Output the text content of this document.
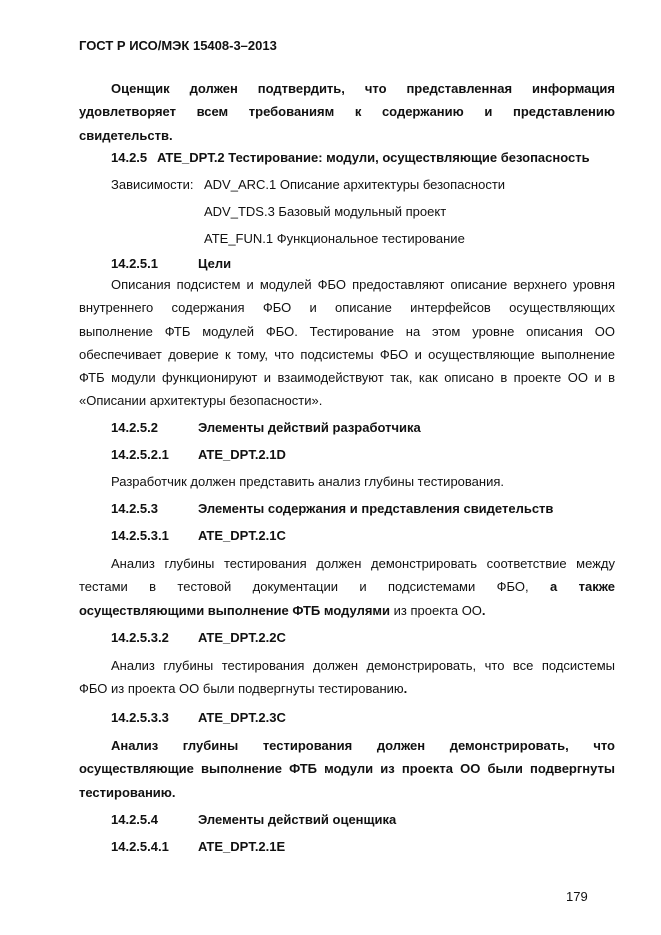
ГОСТ Р ИСО/МЭК 15408-3–2013
Оценщик должен подтвердить, что представленная информация
удовлетворяет всем требованиям к содержанию и представлению
свидетельств.
14.2.5 ATE_DPT.2 Тестирование: модули, осуществляющие безопасность
Зависимости: ADV_ARC.1 Описание архитектуры безопасности
ADV_TDS.3 Базовый модульный проект
ATE_FUN.1 Функциональное тестирование
14.2.5.1	Цели
Описания подсистем и модулей ФБО предоставляют описание верхнего уровня
внутреннего содержания ФБО и описание интерфейсов осуществляющих
выполнение ФТБ модулей ФБО. Тестирование на этом уровне описания ОО
обеспечивает доверие к тому, что подсистемы ФБО и осуществляющие выполнение
ФТБ модули функционируют и взаимодействуют так, как описано в проекте ОО и в
«Описании архитектуры безопасности».
14.2.5.2	Элементы действий разработчика
14.2.5.2.1 ATE_DPT.2.1D
Разработчик должен представить анализ глубины тестирования.
14.2.5.3	Элементы содержания и представления свидетельств
14.2.5.3.1 ATE_DPT.2.1C
Анализ глубины тестирования должен демонстрировать соответствие между
тестами в тестовой документации и подсистемами ФБО, а также
осуществляющими выполнение ФТБ модулями из проекта ОО.
14.2.5.3.2 ATE_DPT.2.2C
Анализ глубины тестирования должен демонстрировать, что все подсистемы
ФБО из проекта ОО были подвергнуты тестированию.
14.2.5.3.3 ATE_DPT.2.3C
Анализ глубины тестирования должен демонстрировать, что
осуществляющие выполнение ФТБ модули из проекта ОО были подвергнуты
тестированию.
14.2.5.4	Элементы действий оценщика
14.2.5.4.1 ATE_DPT.2.1E
179
